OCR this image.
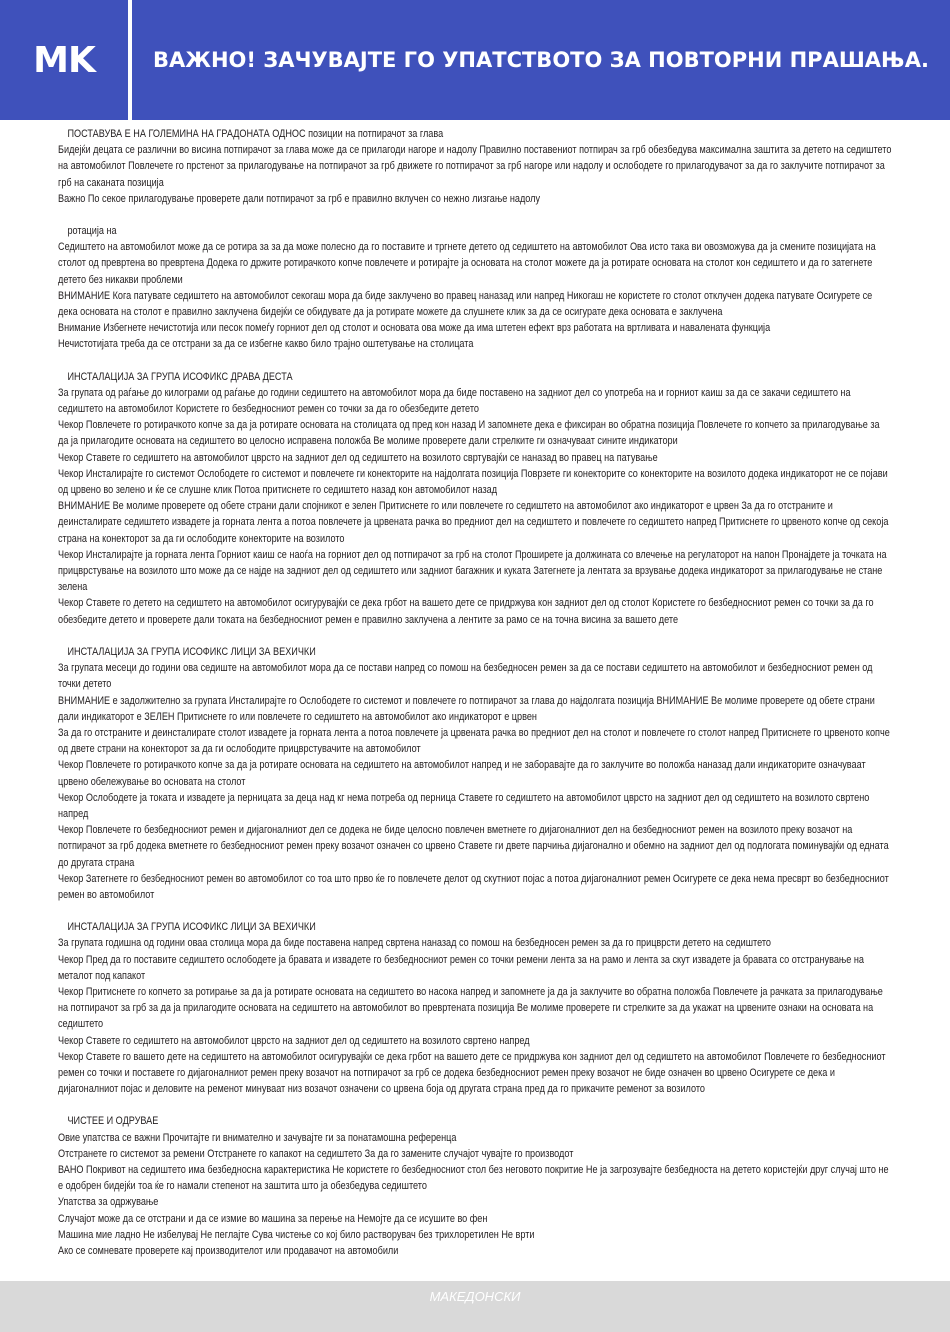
MK	ВАЖНО! ЗАЧУВАЈТЕ ГО УПАТСТВОТО ЗА ПОВТОРНИ ПРАШАЊА.
ПОСТАВУВА Е НА ГОЛЕМИНА НА ГРАДОНАТА ОДНОС позиции на потпирачот за глава
Бидејќи децата се различни во висина потпирачот за глава може да се прилагоди нагоре и надолу Правилно поставениот потпирач за грб обезбедува максимална заштита за детето на седиштето на автомобилот Повлечете го прстенот за прилагодување на потпирачот за грб движете го потпирачот за грб нагоре или надолу и ослободете го прилагодувачот за да го заклучите потпирачот за грб на саканата позиција
Важно По секое прилагодување проверете дали потпирачот за грб е правилно вклучен со нежно лизгање надолу
ротација на
Седиштето на автомобилот може да се ротира за за да може полесно да го поставите и тргнете детето од седиштето на автомобилот Ова исто така ви овозможува да ја смените позицијата на столот од превртена во превртена Додека го држите ротирачкото копче повлечете и ротирајте ја основата на столот можете да ја ротирате основата на столот кон седиштето и да го затегнете детето без никакви проблеми
ВНИМАНИЕ Кога патувате седиштето на автомобилот секогаш мора да биде заклучено во правец наназад или напред Никогаш не користете го столот отклучен додека патувате Осигурете се дека основата на столот е правилно заклучена бидејќи се обидувате да ја ротирате можете да слушнете клик за да се осигурате дека основата е заклучена
Внимание Избегнете нечистотија или песок помеѓу горниот дел од столот и основата ова може да има штетен ефект врз работата на вртливата и навалената функција
Нечистотијата треба да се отстрани за да се избегне какво било трајно оштетување на столицата
ИНСТАЛАЦИЈА ЗА ГРУПА ИСОФИКС ДРАВА ДЕСТА
За групата од раѓање до килограми од раѓање до години седиштето на автомобилот мора да биде поставено на задниот дел со употреба на и горниот каиш за да се закачи седиштето на седиштето на автомобилот Користете го безбедносниот ремен со точки за да го обезбедите детето
Чекор Повлечете го ротирачкото копче за да ја ротирате основата на столицата од пред кон назад И запомнете дека е фиксиран во обратна позиција Повлечете го копчето за прилагодување за да ја прилагодите основата на седиштето во целосно исправена положба Ве молиме проверете дали стрелките ги означуваат сините индикатори
Чекор Ставете го седиштето на автомобилот цврсто на задниот дел од седиштето на возилото свртувајќи се наназад во правец на патување
Чекор Инсталирајте го системот Ослободете го системот и повлечете ги конекторите на најдолгата позиција Поврзете ги конекторите со конекторите на возилото додека индикаторот не се појави од црвено во зелено и ќе се слушне клик Потоа притиснете го седиштето назад кон автомобилот назад
ВНИМАНИЕ Ве молиме проверете од обете страни дали спојникот е зелен Притиснете го или повлечете го седиштето на автомобилот ако индикаторот е црвен За да го отстраните и деинсталирате седиштето извадете ја горната лента а потоа повлечете ја црвената рачка во предниот дел на седиштето и повлечете го седиштето напред Притиснете го црвеното копче од секоја страна на конекторот за да ги ослободите конекторите на возилото
Чекор Инсталирајте ја горната лента Горниот каиш се наоѓа на горниот дел од потпирачот за грб на столот Проширете ја должината со влечење на регулаторот на напон Пронајдете ја точката на прицврстување на возилото што може да се најде на задниот дел од седиштето или задниот багажник и куката Затегнете ја лентата за врзување додека индикаторот за прилагодување не стане зелена
Чекор Ставете го детето на седиштето на автомобилот осигурувајќи се дека грбот на вашето дете се придржува кон задниот дел од столот Користете го безбедносниот ремен со точки за да го обезбедите детето и проверете дали токата на безбедносниот ремен е правилно заклучена а лентите за рамо се на точна висина за вашето дете
ИНСТАЛАЦИЈА ЗА ГРУПА ИСОФИКС ЛИЦИ ЗА ВЕХИЧКИ
За групата месеци до години ова седиште на автомобилот мора да се постави напред со помош на безбедносен ремен за да се постави седиштето на автомобилот и безбедносниот ремен од точки детето
ВНИМАНИЕ е задолжително за групата Инсталирајте го Ослободете го системот и повлечете го потпирачот за глава до најдолгата позиција ВНИМАНИЕ Ве молиме проверете од обете страни дали индикаторот е ЗЕЛЕН Притиснете го или повлечете го седиштето на автомобилот ако индикаторот е црвен
За да го отстраните и деинсталирате столот извадете ја горната лента а потоа повлечете ја црвената рачка во предниот дел на столот и повлечете го столот напред Притиснете го црвеното копче од двете страни на конекторот за да ги ослободите прицврстувачите на автомобилот
Чекор Повлечете го ротирачкото копче за да ја ротирате основата на седиштето на автомобилот напред и не заборавајте да го заклучите во положба наназад дали индикаторите означуваат црвено обележување во основата на столот
Чекор Ослободете ја токата и извадете ја перницата за деца над кг нема потреба од перница Ставете го седиштето на автомобилот цврсто на задниот дел од седиштето на возилото свртено напред
Чекор Повлечете го безбедносниот ремен и дијагоналниот дел се додека не биде целосно повлечен вметнете го дијагоналниот дел на безбедносниот ремен на возилото преку возачот на потпирачот за грб додека вметнете го безбедносниот ремен преку возачот означен со црвено Ставете ги двете парчиња дијагонално и обемно на задниот дел од подлогата поминувајќи од едната до другата страна
Чекор Затегнете го безбедносниот ремен во автомобилот со тоа што прво ќе го повлечете делот од скутниот појас а потоа дијагоналниот ремен Осигурете се дека нема пресврт во безбедносниот ремен во автомобилот
ИНСТАЛАЦИЈА ЗА ГРУПА ИСОФИКС ЛИЦИ ЗА ВЕХИЧКИ
За групата годишна од години оваа столица мора да биде поставена напред свртена наназад со помош на безбедносен ремен за да го прицврсти детето на седиштето
Чекор Пред да го поставите седиштето ослободете ја бравата и извадете го безбедносниот ремен со точки ремени лента за на рамо и лента за скут извадете ја бравата со отстранување на металот под капакот
Чекор Притиснете го копчето за ротирање за да ја ротирате основата на седиштето во насока напред и запомнете ја да ја заклучите во обратна положба Повлечете ја рачката за прилагодување на потпирачот за грб за да ја прилагодите основата на седиштето на автомобилот во превртената позиција Ве молиме проверете ги стрелките за да укажат на црвените ознаки на основата на седиштето
Чекор Ставете го седиштето на автомобилот цврсто на задниот дел од седиштето на возилото свртено напред
Чекор Ставете го вашето дете на седиштето на автомобилот осигурувајќи се дека грбот на вашето дете се придржува кон задниот дел од седиштето на автомобилот Повлечете го безбедносниот ремен со точки и поставете го дијагоналниот ремен преку возачот на потпирачот за грб се додека безбедносниот ремен преку возачот не биде означен во црвено Осигурете се дека и дијагоналниот појас и деловите на ременот минуваат низ возачот означени со црвена боја од другата страна пред да го прикачите ременот за возилото
ЧИСТЕЕ И ОДРУВАЕ
Овие упатства се важни Прочитајте ги внимателно и зачувајте ги за понатамошна референца
Отстранете го системот за ремени Отстранете го капакот на седиштето За да го замените случајот чувајте го производот
ВАНО Покривот на седиштето има безбедносна карактеристика Не користете го безбедносниот стол без неговото покритие Не ја загрозувајте безбедноста на детето користејќи друг случај што не е одобрен бидејќи тоа ќе го намали степенот на заштита што ја обезбедува седиштето
Упатства за одржување
Случајот може да се отстрани и да се измие во машина за перење на Немојте да се исушите во фен
Машина мие ладно Не избелувај Не пеглајте Сува чистење со кој било растворувач без трихлоретилен Не врти
Ако се сомневате проверете кај производителот или продавачот на автомобили
МАКЕДОНСКИ
